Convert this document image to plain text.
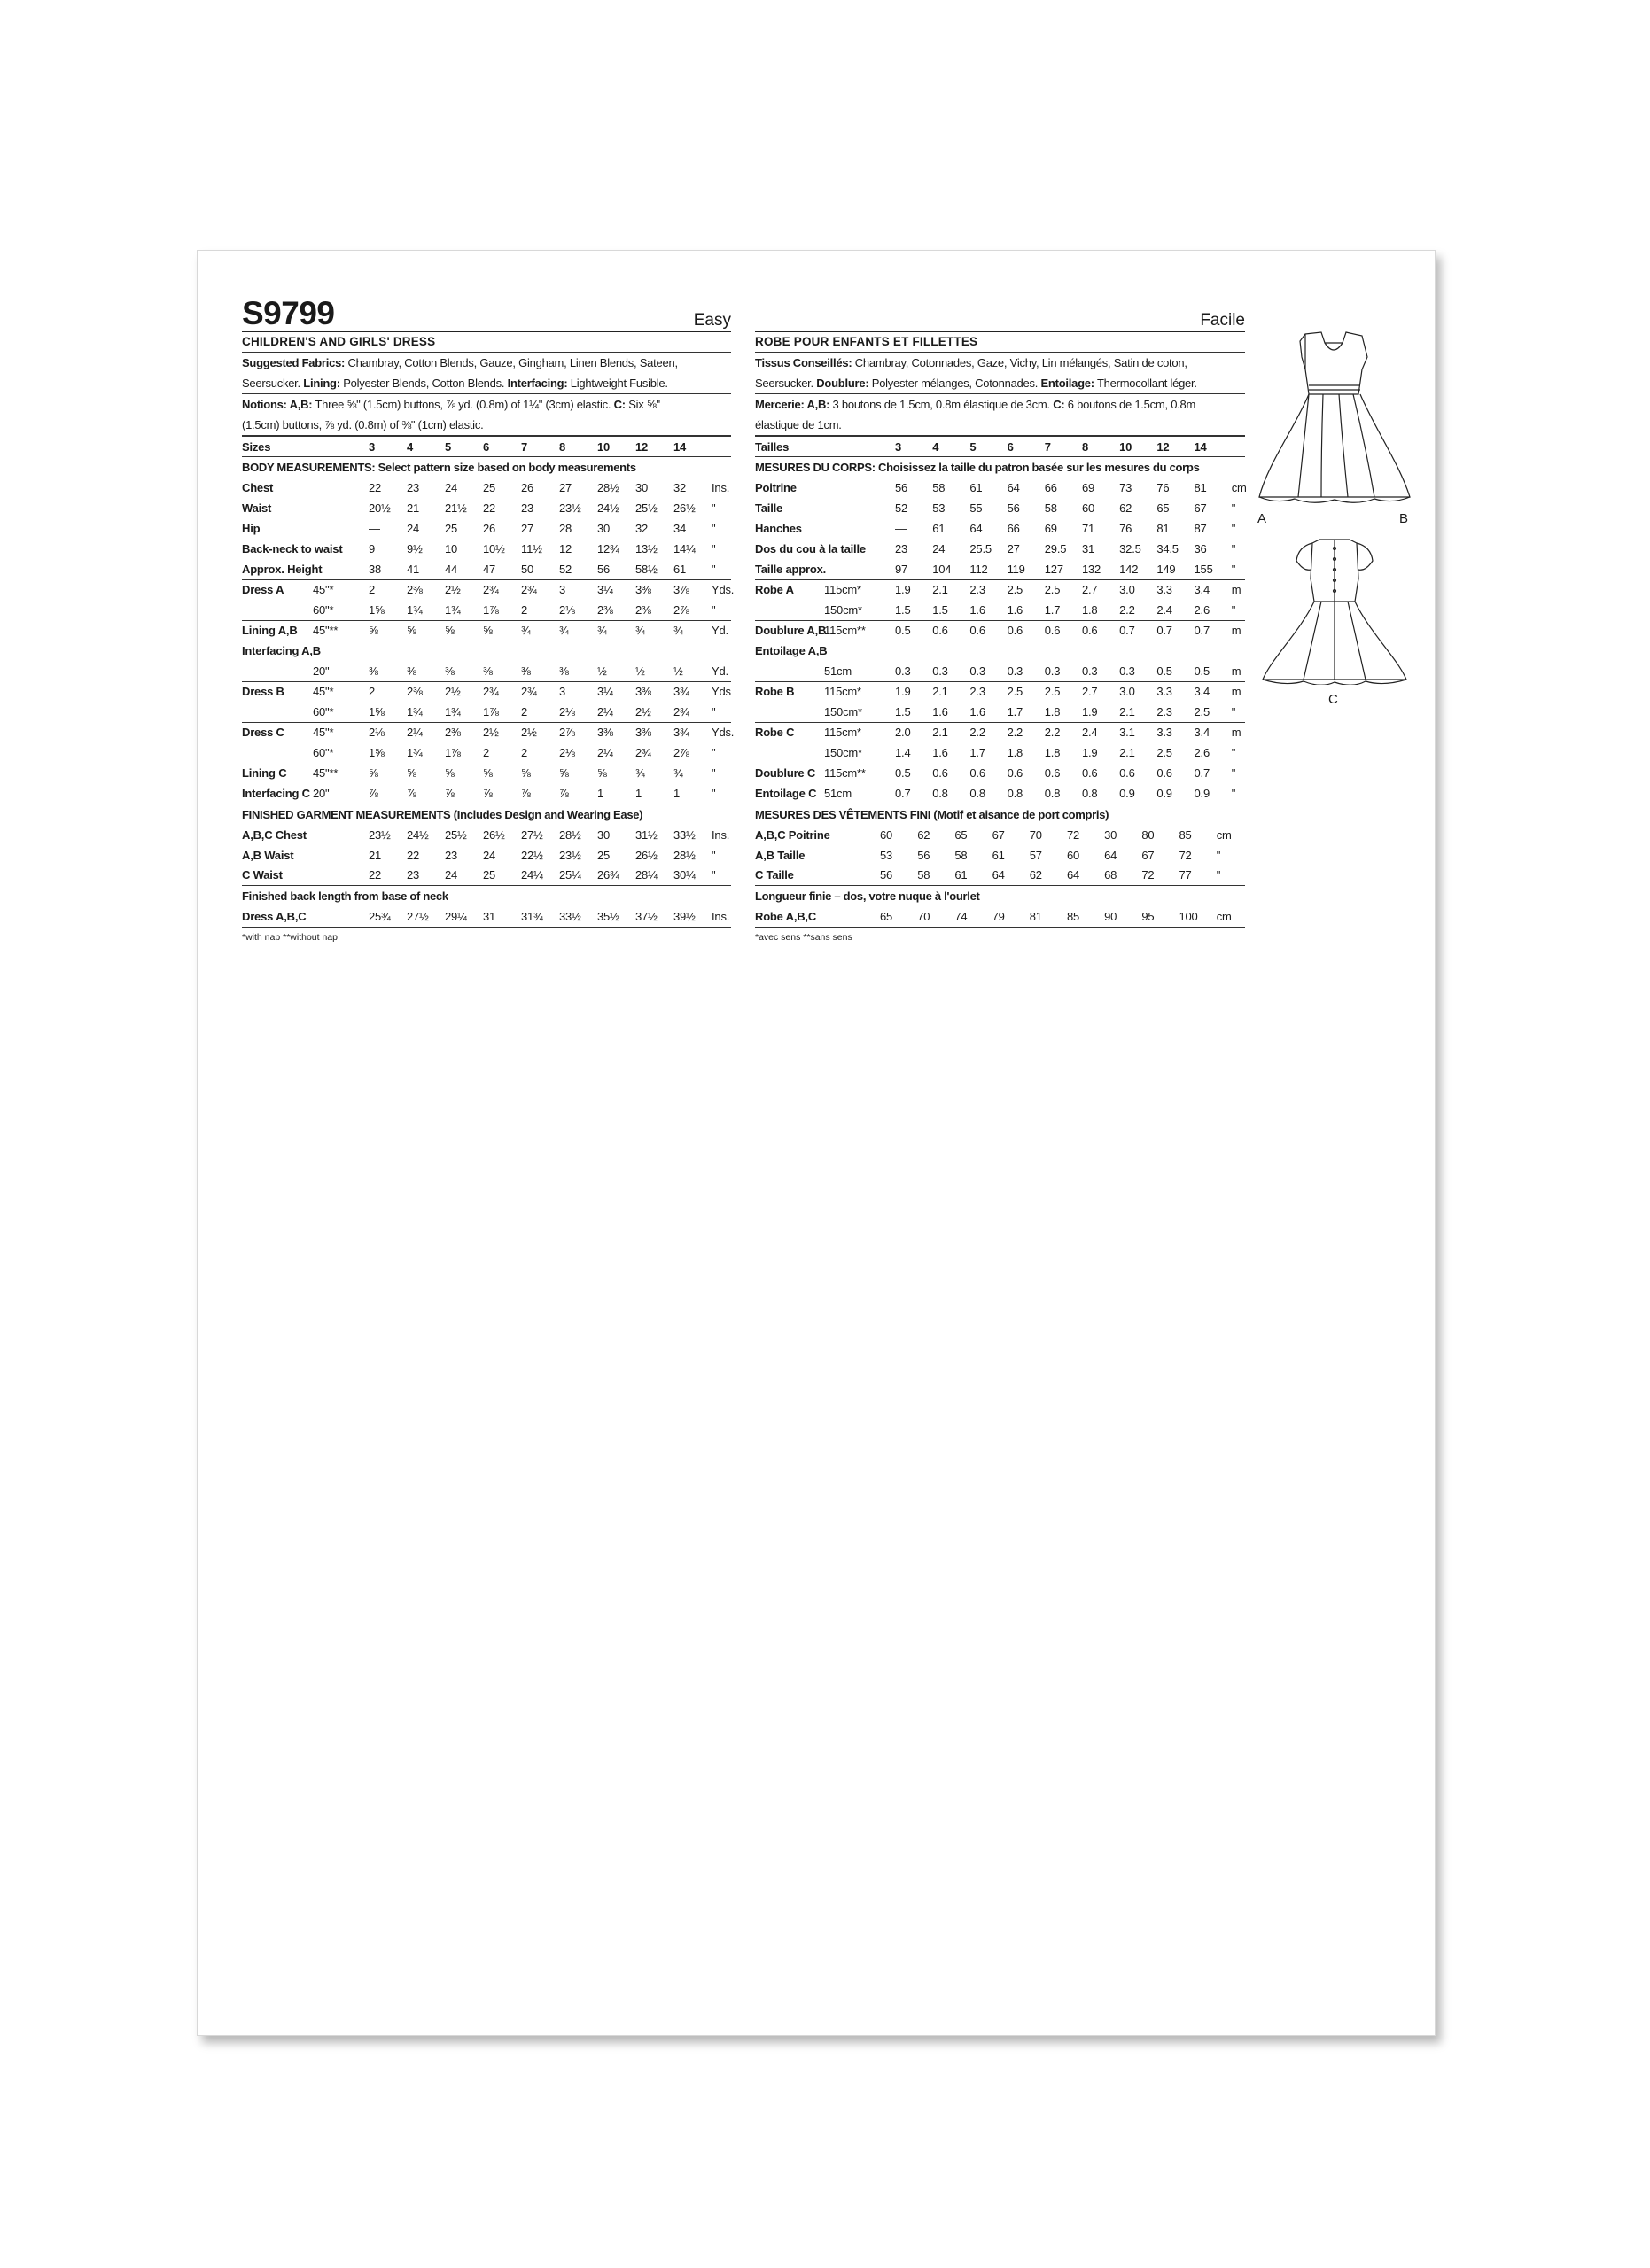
S9799	Easy
CHILDREN'S AND GIRLS' DRESS
Suggested Fabrics: Chambray, Cotton Blends, Gauze, Gingham, Linen Blends, Sateen,
Seersucker. Lining: Polyester Blends, Cotton Blends. Interfacing: Lightweight Fusible.
Notions: A,B: Three ⅝" (1.5cm) buttons, ⅞ yd. (0.8m) of 1¼" (3cm) elastic. C: Six ⅝"
(1.5cm) buttons, ⅞ yd. (0.8m) of ⅜" (1cm) elastic.
Sizes	3	4	5	6	7	8	10	12	14	
BODY MEASUREMENTS: Select pattern size based on body measurements
Chest		22	23	24	25	26	27	28½	30	32	Ins.
Waist		20½	21	21½	22	23	23½	24½	25½	26½	"
Hip		—	24	25	26	27	28	30	32	34	"
Back-neck to waist		9	9½	10	10½	11½	12	12¾	13½	14¼	"
Approx. Height		38	41	44	47	50	52	56	58½	61	"
Dress A	45"*	2	2⅜	2½	2¾	2¾	3	3¼	3⅜	3⅞	Yds.
	60"*	1⅝	1¾	1¾	1⅞	2	2⅛	2⅜	2⅜	2⅞	"
Lining A,B	45"**	⅝	⅝	⅝	⅝	¾	¾	¾	¾	¾	Yd.
Interfacing A,B											
	20"	⅜	⅜	⅜	⅜	⅜	⅜	½	½	½	Yd.
Dress B	45"*	2	2⅜	2½	2¾	2¾	3	3¼	3⅜	3¾	Yds
	60"*	1⅝	1¾	1¾	1⅞	2	2⅛	2¼	2½	2¾	"
Dress C	45"*	2⅛	2¼	2⅜	2½	2½	2⅞	3⅜	3⅜	3¾	Yds.
	60"*	1⅝	1¾	1⅞	2	2	2⅛	2¼	2¾	2⅞	"
Lining C	45"**	⅝	⅝	⅝	⅝	⅝	⅝	⅝	¾	¾	"
Interfacing C	20"	⅞	⅞	⅞	⅞	⅞	⅞	1	1	1	"
FINISHED GARMENT MEASUREMENTS (Includes Design and Wearing Ease)
A,B,C Chest	23½	24½	25½	26½	27½	28½	30	31½	33½	Ins.
A,B Waist	21	22	23	24	22½	23½	25	26½	28½	"
C Waist	22	23	24	25	24¼	25¼	26¾	28¼	30¼	"
Finished back length from base of neck
Dress A,B,C	25¾	27½	29¼	31	31¾	33½	35½	37½	39½	Ins.
*with nap **without nap
Facile
ROBE POUR ENFANTS ET FILLETTES
Tissus Conseillés: Chambray, Cotonnades, Gaze, Vichy, Lin mélangés, Satin de coton,
Seersucker. Doublure: Polyester mélanges, Cotonnades. Entoilage: Thermocollant léger.
Mercerie: A,B: 3 boutons de 1.5cm, 0.8m élastique de 3cm. C: 6 boutons de 1.5cm, 0.8m
élastique de 1cm.
Tailles	3	4	5	6	7	8	10	12	14	
MESURES DU CORPS: Choisissez la taille du patron basée sur les mesures du corps
Poitrine		56	58	61	64	66	69	73	76	81	cm
Taille		52	53	55	56	58	60	62	65	67	"
Hanches		—	61	64	66	69	71	76	81	87	"
Dos du cou à la taille		23	24	25.5	27	29.5	31	32.5	34.5	36	"
Taille approx.		97	104	112	119	127	132	142	149	155	"
Robe A	115cm*	1.9	2.1	2.3	2.5	2.5	2.7	3.0	3.3	3.4	m
	150cm*	1.5	1.5	1.6	1.6	1.7	1.8	2.2	2.4	2.6	"
Doublure A,B	115cm**	0.5	0.6	0.6	0.6	0.6	0.6	0.7	0.7	0.7	m
Entoilage A,B											
	51cm	0.3	0.3	0.3	0.3	0.3	0.3	0.3	0.5	0.5	m
Robe B	115cm*	1.9	2.1	2.3	2.5	2.5	2.7	3.0	3.3	3.4	m
	150cm*	1.5	1.6	1.6	1.7	1.8	1.9	2.1	2.3	2.5	"
Robe C	115cm*	2.0	2.1	2.2	2.2	2.2	2.4	3.1	3.3	3.4	m
	150cm*	1.4	1.6	1.7	1.8	1.8	1.9	2.1	2.5	2.6	"
Doublure C	115cm**	0.5	0.6	0.6	0.6	0.6	0.6	0.6	0.6	0.7	"
Entoilage C	51cm	0.7	0.8	0.8	0.8	0.8	0.8	0.9	0.9	0.9	"
MESURES DES VÊTEMENTS FINI (Motif et aisance de port compris)
A,B,C Poitrine	60	62	65	67	70	72	30	80	85	cm
A,B Taille	53	56	58	61	57	60	64	67	72	"
C Taille	56	58	61	64	62	64	68	72	77	"
Longueur finie – dos, votre nuque à l'ourlet
Robe A,B,C	65	70	74	79	81	85	90	95	100	cm
*avec sens **sans sens
A	B
C
